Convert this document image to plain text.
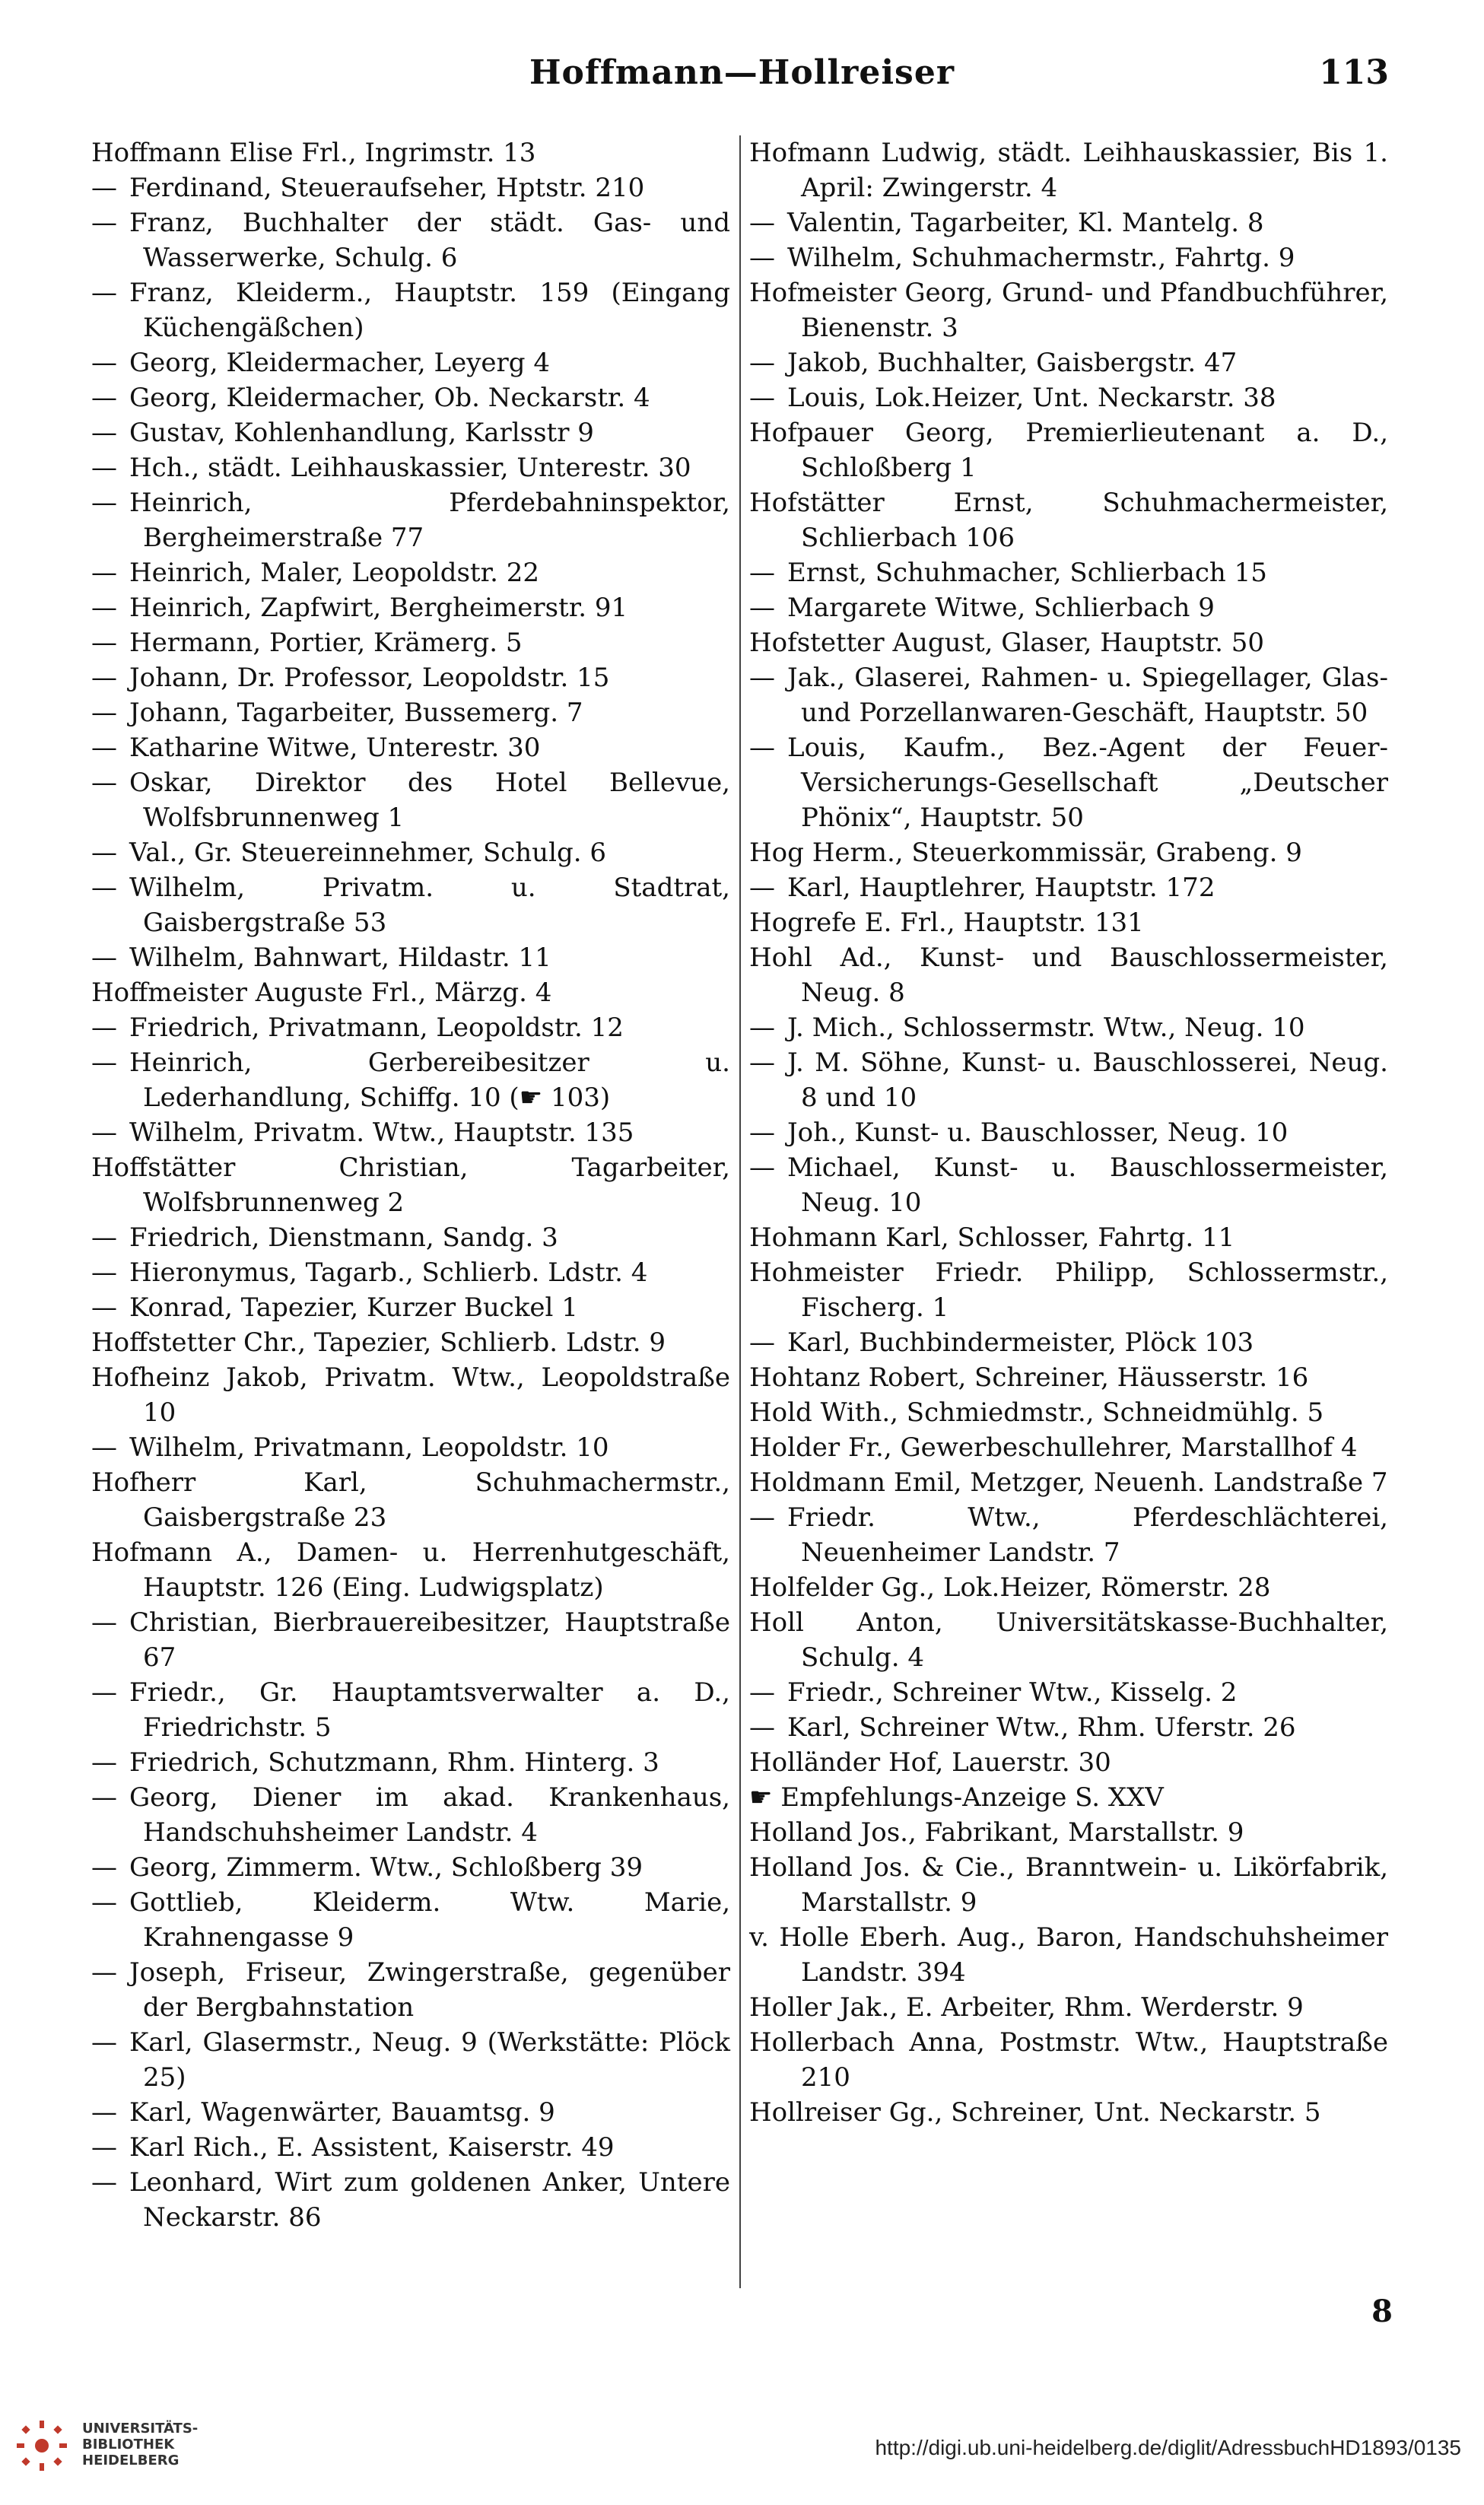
Hoffmann—Hollreiser	113

Hoffmann Elise Frl., Ingrimstr. 13

— Ferdinand, Steueraufseher, Hptstr. 210

— Franz, Buchhalter der städt. Gas- und Wasserwerke, Schulg. 6

— Franz, Kleiderm., Hauptstr. 159 (Eingang Küchengäßchen)

— Georg, Kleidermacher, Leyerg 4

— Georg, Kleidermacher, Ob. Neckarstr. 4

— Gustav, Kohlenhandlung, Karlsstr 9

— Hch., städt. Leihhauskassier, Unterestr. 30

— Heinrich, Pferdebahninspektor, Bergheimerstraße 77

— Heinrich, Maler, Leopoldstr. 22

— Heinrich, Zapfwirt, Bergheimerstr. 91

— Hermann, Portier, Krämerg. 5

— Johann, Dr. Professor, Leopoldstr. 15

— Johann, Tagarbeiter, Bussemerg. 7

— Katharine Witwe, Unterestr. 30

— Oskar, Direktor des Hotel Bellevue, Wolfsbrunnenweg 1

— Val., Gr. Steuereinnehmer, Schulg. 6

— Wilhelm, Privatm. u. Stadtrat, Gaisbergstraße 53

— Wilhelm, Bahnwart, Hildastr. 11

Hoffmeister Auguste Frl., Märzg. 4

— Friedrich, Privatmann, Leopoldstr. 12

— Heinrich, Gerbereibesitzer u. Lederhandlung, Schiffg. 10 (☛ 103)

— Wilhelm, Privatm. Wtw., Hauptstr. 135

Hoffstätter Christian, Tagarbeiter, Wolfsbrunnenweg 2

— Friedrich, Dienstmann, Sandg. 3

— Hieronymus, Tagarb., Schlierb. Ldstr. 4

— Konrad, Tapezier, Kurzer Buckel 1

Hoffstetter Chr., Tapezier, Schlierb. Ldstr. 9

Hofheinz Jakob, Privatm. Wtw., Leopoldstraße 10

— Wilhelm, Privatmann, Leopoldstr. 10

Hofherr Karl, Schuhmachermstr., Gaisbergstraße 23

Hofmann A., Damen- u. Herrenhutgeschäft, Hauptstr. 126 (Eing. Ludwigsplatz)

— Christian, Bierbrauereibesitzer, Hauptstraße 67

— Friedr., Gr. Hauptamtsverwalter a. D., Friedrichstr. 5

— Friedrich, Schutzmann, Rhm. Hinterg. 3

— Georg, Diener im akad. Krankenhaus, Handschuhsheimer Landstr. 4

— Georg, Zimmerm. Wtw., Schloßberg 39

— Gottlieb, Kleiderm. Wtw. Marie, Krahnengasse 9

— Joseph, Friseur, Zwingerstraße, gegenüber der Bergbahnstation

— Karl, Glasermstr., Neug. 9 (Werkstätte: Plöck 25)

— Karl, Wagenwärter, Bauamtsg. 9

— Karl Rich., E. Assistent, Kaiserstr. 49

— Leonhard, Wirt zum goldenen Anker, Untere Neckarstr. 86

Hofmann Ludwig, städt. Leihhauskassier, Bis 1. April: Zwingerstr. 4

— Valentin, Tagarbeiter, Kl. Mantelg. 8

— Wilhelm, Schuhmachermstr., Fahrtg. 9

Hofmeister Georg, Grund- und Pfandbuchführer, Bienenstr. 3

— Jakob, Buchhalter, Gaisbergstr. 47

— Louis, Lok.Heizer, Unt. Neckarstr. 38

Hofpauer Georg, Premierlieutenant a. D., Schloßberg 1

Hofstätter Ernst, Schuhmachermeister, Schlierbach 106

— Ernst, Schuhmacher, Schlierbach 15

— Margarete Witwe, Schlierbach 9

Hofstetter August, Glaser, Hauptstr. 50

— Jak., Glaserei, Rahmen- u. Spiegellager, Glas- und Porzellanwaren-Geschäft, Hauptstr. 50

— Louis, Kaufm., Bez.-Agent der Feuer-Versicherungs-Gesellschaft „Deutscher Phönix“, Hauptstr. 50

Hog Herm., Steuerkommissär, Grabeng. 9

— Karl, Hauptlehrer, Hauptstr. 172

Hogrefe E. Frl., Hauptstr. 131

Hohl Ad., Kunst- und Bauschlossermeister, Neug. 8

— J. Mich., Schlossermstr. Wtw., Neug. 10

— J. M. Söhne, Kunst- u. Bauschlosserei, Neug. 8 und 10

— Joh., Kunst- u. Bauschlosser, Neug. 10

— Michael, Kunst- u. Bauschlossermeister, Neug. 10

Hohmann Karl, Schlosser, Fahrtg. 11

Hohmeister Friedr. Philipp, Schlossermstr., Fischerg. 1

— Karl, Buchbindermeister, Plöck 103

Hohtanz Robert, Schreiner, Häusserstr. 16

Hold With., Schmiedmstr., Schneidmühlg. 5

Holder Fr., Gewerbeschullehrer, Marstallhof 4

Holdmann Emil, Metzger, Neuenh. Landstraße 7

— Friedr. Wtw., Pferdeschlächterei, Neuenheimer Landstr. 7

Holfelder Gg., Lok.Heizer, Römerstr. 28

Holl Anton, Universitätskasse-Buchhalter, Schulg. 4

— Friedr., Schreiner Wtw., Kisselg. 2

— Karl, Schreiner Wtw., Rhm. Uferstr. 26

Holländer Hof, Lauerstr. 30

☛ Empfehlungs-Anzeige S. XXV

Holland Jos., Fabrikant, Marstallstr. 9

Holland Jos. & Cie., Branntwein- u. Likörfabrik, Marstallstr. 9

v. Holle Eberh. Aug., Baron, Handschuhsheimer Landstr. 394

Holler Jak., E. Arbeiter, Rhm. Werderstr. 9

Hollerbach Anna, Postmstr. Wtw., Hauptstraße 210

Hollreiser Gg., Schreiner, Unt. Neckarstr. 5

8
UNIVERSITÄTS-
BIBLIOTHEK
HEIDELBERG
http://digi.ub.uni-heidelberg.de/diglit/AdressbuchHD1893/0135
